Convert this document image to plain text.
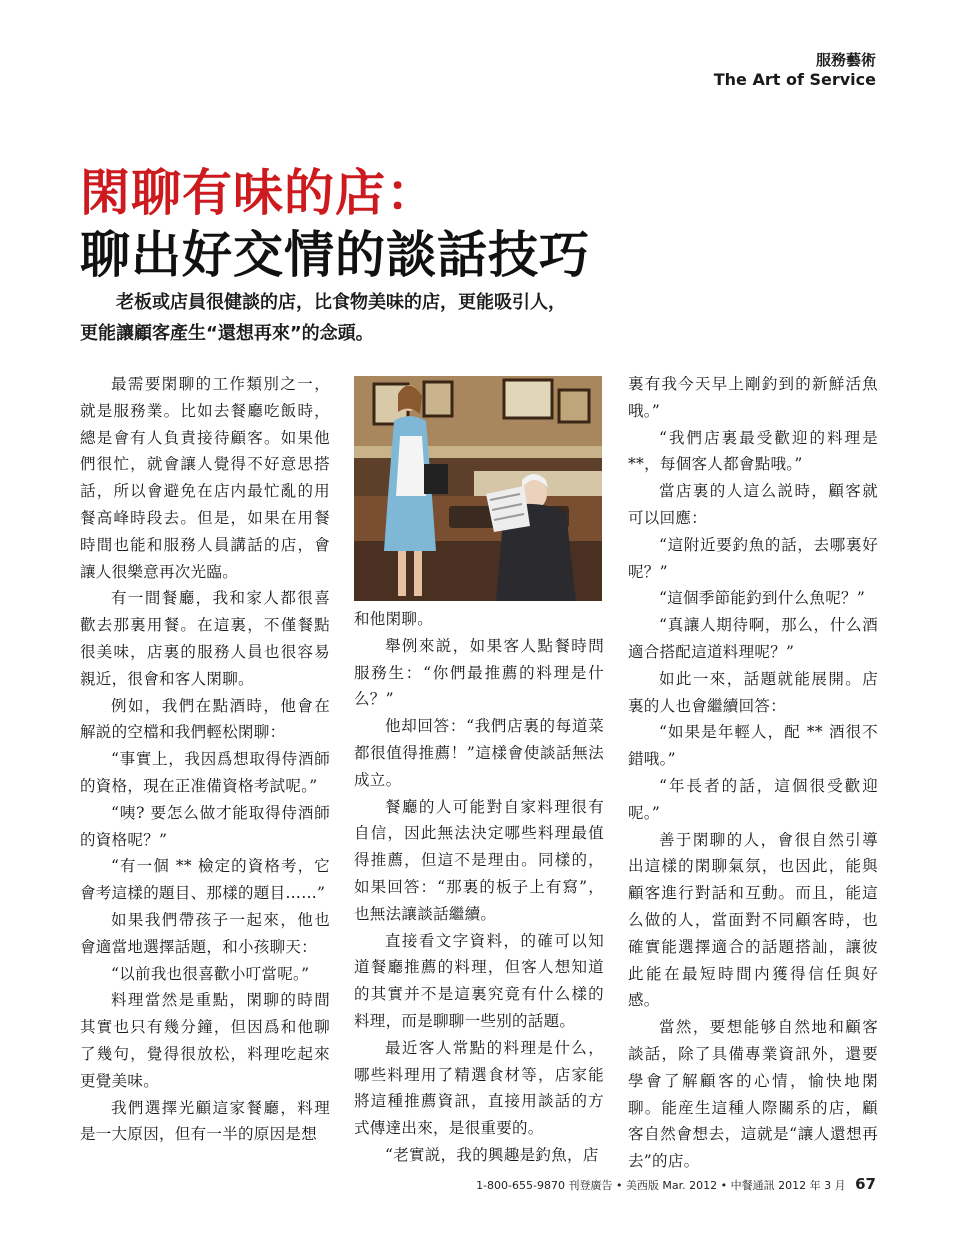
服務藝術
The Art of Service
閑聊有味的店：
聊出好交情的談話技巧

老板或店員很健談的店，比食物美味的店，更能吸引人，

更能讓顧客產生“還想再來”的念頭。

最需要閑聊的工作類別之一，就是服務業。比如去餐廳吃飯時，總是會有人負責接待顧客。如果他們很忙，就會讓人覺得不好意思搭話，所以會避免在店内最忙亂的用餐高峰時段去。但是，如果在用餐時間也能和服務人員講話的店，會讓人很樂意再次光臨。

有一間餐廳，我和家人都很喜歡去那裏用餐。在這裏，不僅餐點很美味，店裏的服務人員也很容易親近，很會和客人閑聊。

例如，我們在點酒時，他會在解説的空檔和我們輕松閑聊：

“事實上，我因爲想取得侍酒師的資格，現在正准備資格考試呢。”

“咦? 要怎么做才能取得侍酒師的資格呢？”

“有一個 ** 檢定的資格考，它會考這樣的題目、那樣的題目……”

如果我們帶孩子一起來，他也會適當地選擇話題，和小孩聊天：

“以前我也很喜歡小叮當呢。”

料理當然是重點，閑聊的時間其實也只有幾分鐘，但因爲和他聊了幾句，覺得很放松，料理吃起來更覺美味。

我們選擇光顧這家餐廳，料理是一大原因，但有一半的原因是想

和他閑聊。

舉例來説，如果客人點餐時問服務生：“你們最推薦的料理是什么？”

他却回答：“我們店裏的每道菜都很值得推薦！”這樣會使談話無法成立。

餐廳的人可能對自家料理很有自信，因此無法決定哪些料理最值得推薦，但這不是理由。同樣的，如果回答：“那裏的板子上有寫”，也無法讓談話繼續。

直接看文字資料，的確可以知道餐廳推薦的料理，但客人想知道的其實并不是這裏究竟有什么樣的料理，而是聊聊一些别的話題。

最近客人常點的料理是什么，哪些料理用了精選食材等，店家能將這種推薦資訊，直接用談話的方式傳達出來，是很重要的。

“老實説，我的興趣是釣魚，店

裏有我今天早上剛釣到的新鮮活魚哦。”

“我們店裏最受歡迎的料理是 **，每個客人都會點哦。”

當店裏的人這么説時，顧客就可以回應：

“這附近要釣魚的話，去哪裏好呢？”

“這個季節能釣到什么魚呢？”

“真讓人期待啊，那么，什么酒適合搭配這道料理呢？”

如此一來，話題就能展開。店裏的人也會繼續回答：

“如果是年輕人，配 ** 酒很不錯哦。”

“年長者的話，這個很受歡迎呢。”

善于閑聊的人，會很自然引導出這樣的閑聊氣氛，也因此，能與顧客進行對話和互動。而且，能這么做的人，當面對不同顧客時，也確實能選擇適合的話題搭訕，讓彼此能在最短時間内獲得信任與好感。

當然，要想能够自然地和顧客談話，除了具備專業資訊外，還要學會了解顧客的心情，愉快地閑聊。能産生這種人際關系的店，顧客自然會想去，這就是“讓人還想再去”的店。

1-800-655-9870 刊登廣告 • 美西版 Mar. 2012 • 中餐通訊 2012 年 3 月 67
